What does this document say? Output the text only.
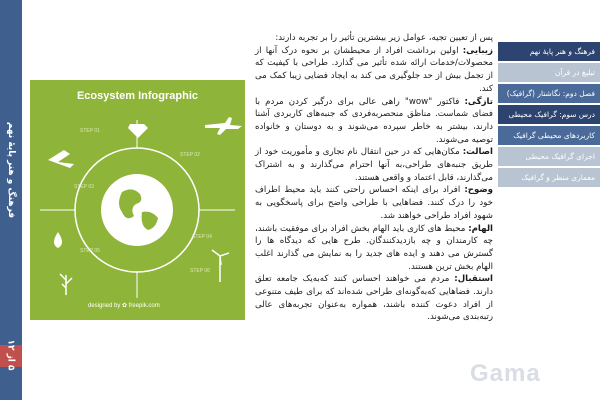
فرهنگ و هنر پایهٔ نهم
۵ از ۱۲
STEP 01
STEP 02
STEP 03
STEP 04
STEP 05
STEP 06
Ecosystem Infographic
designed by ✿ freepik.com

پس از تعیین تجیه، عوامل زیر بیشترین تأثیر را بر تجربه دارند:

زیبایی: اولین برداشت افراد از محیطشان بر نحوه درک آنها از محصولات/خدمات ارائه شده تأثیر می گذارد. طراحی با کیفیت که از تجمل بیش از حد جلوگیری می کند به ایجاد فضایی زیبا کمک می کند.

تازگی: فاکتور "wow" راهی عالی برای درگیر کردن مردم با فضای شماست. مناظق منحصربه‌فردی که جنبه‌های کاربردی آشنا دارند، بیشتر به خاطر سپرده می‌شوند و به دوستان و خانواده توصیه می‌شوند.

اصالت: مکان‌هایی که در حین انتقال نام تجاری و مأموریت خود از طریق جنبه‌های طراحی،به آنها احترام می‌گذارند و به اشتراک می‌گذارند، قابل اعتماد و واقعی هستند.

وضوح: افراد برای اینکه احساس راحتی کنند باید محیط اطراف خود را درک کنند. فضاهایی با طراحی واضح برای پاسخگویی به شهود افراد طراحی خواهند شد.

الهام: محیط های کاری باید الهام بخش افراد برای موفقیت باشند، چه کارمندان و چه بازدیدکنندگان. طرح هایی که دیدگاه ها را گسترش می دهند و ایده های جدید را به نمایش می گذارند اغلب الهام بخش ترین هستند.

استقبال: مردم می خواهند احساس کنند که‌به‌یک جامعه تعلق دارند. فضاهایی که‌به‌گونه‌ای طراحی شده‌اند که برای طیف متنوعی از افراد دعوت کننده باشند، همواره به‌عنوان تجربه‌های عالی رتبه‌بندی می‌شوند.

فرهنگ و هنر پایهٔ نهم
تبلیغ در قرآن
فصل دوم: نگاشتار (گرافیک)
درس سوم: گرافیک محیطی
کاربردهای محیطی گرافیک
اجرای گرافیک محیطی
معماری منظر و گرافیک
Gama
